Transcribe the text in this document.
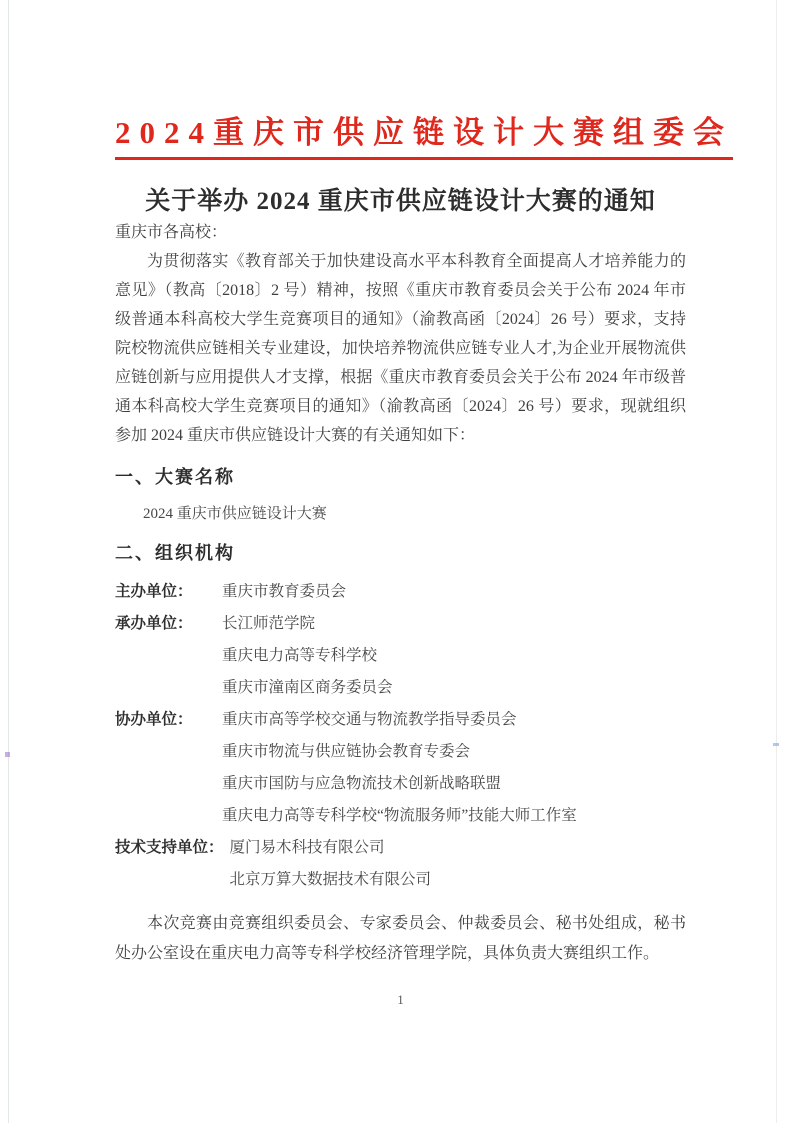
2024重庆市供应链设计大赛组委会
关于举办 2024 重庆市供应链设计大赛的通知

重庆市各高校：

为贯彻落实《教育部关于加快建设高水平本科教育全面提高人才培养能力的意见》（教高〔2018〕2 号）精神，按照《重庆市教育委员会关于公布 2024 年市级普通本科高校大学生竞赛项目的通知》（渝教高函〔2024〕26 号）要求，支持院校物流供应链相关专业建设，加快培养物流供应链专业人才,为企业开展物流供应链创新与应用提供人才支撑，根据《重庆市教育委员会关于公布 2024 年市级普通本科高校大学生竞赛项目的通知》（渝教高函〔2024〕26 号）要求，现就组织参加 2024 重庆市供应链设计大赛的有关通知如下：

一、大赛名称

2024 重庆市供应链设计大赛

二、组织机构
主办单位：	重庆市教育委员会
承办单位：	长江师范学院
重庆电力高等专科学校
重庆市潼南区商务委员会
协办单位：	重庆市高等学校交通与物流教学指导委员会
重庆市物流与供应链协会教育专委会
重庆市国防与应急物流技术创新战略联盟
重庆电力高等专科学校“物流服务师”技能大师工作室
技术支持单位： 厦门易木科技有限公司
北京万算大数据技术有限公司

本次竞赛由竞赛组织委员会、专家委员会、仲裁委员会、秘书处组成，秘书处办公室设在重庆电力高等专科学校经济管理学院，具体负责大赛组织工作。

1
